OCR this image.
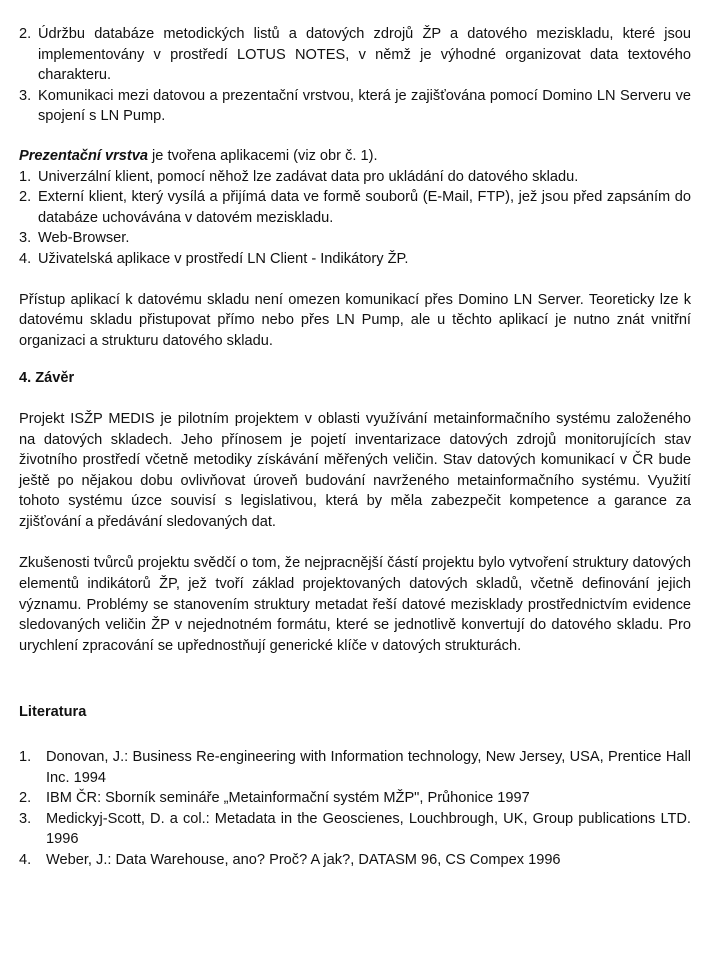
2. Údržbu databáze metodických listů a datových zdrojů ŽP a datového meziskladu, které jsou implementovány v prostředí LOTUS NOTES, v němž je výhodné organizovat data textového charakteru.
3. Komunikaci mezi datovou a prezentační vrstvou, která je zajišťována pomocí Domino LN Serveru ve spojení s LN Pump.

Prezentační vrstva je tvořena aplikacemi (viz obr č. 1).

1. Univerzální klient, pomocí něhož lze zadávat data pro ukládání do datového skladu.
2. Externí klient, který vysílá a přijímá data ve formě souborů (E-Mail, FTP), jež jsou před zapsáním do databáze uchovávána v datovém meziskladu.
3. Web-Browser.
4. Uživatelská aplikace v prostředí LN Client - Indikátory ŽP.

Přístup aplikací k datovému skladu není omezen komunikací přes Domino LN Server. Teoreticky lze k datovému skladu přistupovat přímo nebo přes LN Pump, ale u těchto aplikací je nutno znát vnitřní organizaci a strukturu datového skladu.

4. Závěr

Projekt ISŽP MEDIS je pilotním projektem v oblasti využívání metainformačního systému založeného na datových skladech. Jeho přínosem je pojetí inventarizace datových zdrojů monitorujících stav životního prostředí včetně metodiky získávání měřených veličin. Stav datových komunikací v ČR bude ještě po nějakou dobu ovlivňovat úroveň budování navrženého metainformačního systému. Využití tohoto systému úzce souvisí s legislativou, která by měla zabezpečit kompetence a garance za zjišťování a předávání sledovaných dat.

Zkušenosti tvůrců projektu svědčí o tom, že nejpracnější částí projektu bylo vytvoření struktury datových elementů indikátorů ŽP, jež tvoří základ projektovaných datových skladů, včetně definování jejich významu. Problémy se stanovením struktury metadat řeší datové mezisklady prostřednictvím evidence sledovaných veličin ŽP v nejednotném formátu, které se jednotlivě konvertují do datového skladu. Pro urychlení zpracování se upřednostňují generické klíče v datových strukturách.

Literatura

1. Donovan, J.: Business Re-engineering with Information technology, New Jersey, USA, Prentice Hall Inc. 1994
2. IBM ČR: Sborník semináře „Metainformační systém MŽP", Průhonice 1997
3. Medickyj-Scott, D. a col.: Metadata in the Geoscienes, Louchbrough, UK, Group publications LTD. 1996
4. Weber, J.: Data Warehouse, ano? Proč? A jak?, DATASM 96, CS Compex 1996
